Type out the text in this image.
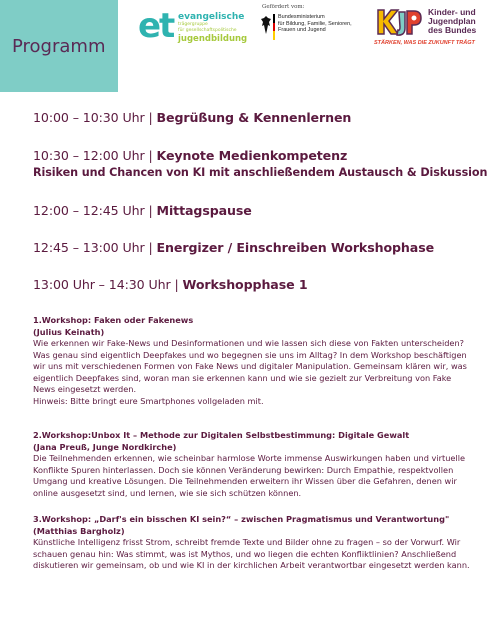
Programm
et evangelische
trägergruppe
für gesellschaftspolitische
jugendbildung
Gefördert vom:
Bundesministerium
für Bildung, Familie, Senioren,
Frauen und Jugend
Kinder- und
Jugendplan
des Bundes
STÄRKEN, WAS DIE ZUKUNFT TRÄGT
10:00 – 10:30 Uhr | Begrüßung & Kennenlernen
10:30 – 12:00 Uhr | Keynote Medienkompetenz
Risiken und Chancen von KI mit anschließendem Austausch & Diskussion
12:00 – 12:45 Uhr | Mittagspause
12:45 – 13:00 Uhr | Energizer / Einschreiben Workshophase
13:00 Uhr – 14:30 Uhr | Workshopphase 1
1.Workshop: Faken oder Fakenews
(Julius Keinath)

Wie erkennen wir Fake-News und Desinformationen und wie lassen sich diese von Fakten unterscheiden? Was genau sind eigentlich Deepfakes und wo begegnen sie uns im Alltag? In dem Workshop beschäftigen wir uns mit verschiedenen Formen von Fake News und digitaler Manipulation. Gemeinsam klären wir, was eigentlich Deepfakes sind, woran man sie erkennen kann und wie sie gezielt zur Verbreitung von Fake News eingesetzt werden.

Hinweis: Bitte bringt eure Smartphones vollgeladen mit.

2.Workshop:Unbox It – Methode zur Digitalen Selbstbestimmung: Digitale Gewalt
(Jana Preuß, Junge Nordkirche)

Die Teilnehmenden erkennen, wie scheinbar harmlose Worte immense Auswirkungen haben und virtuelle Konflikte Spuren hinterlassen. Doch sie können Veränderung bewirken: Durch Empathie, respektvollen Umgang und kreative Lösungen. Die Teilnehmenden erweitern ihr Wissen über die Gefahren, denen wir online ausgesetzt sind, und lernen, wie sie sich schützen können.

3.Workshop: „Darf's ein bisschen KI sein?“ – zwischen Pragmatismus und Verantwortung"
(Matthias Bargholz)

Künstliche Intelligenz frisst Strom, schreibt fremde Texte und Bilder ohne zu fragen – so der Vorwurf. Wir schauen genau hin: Was stimmt, was ist Mythos, und wo liegen die echten Konfliktlinien? Anschließend diskutieren wir gemeinsam, ob und wie KI in der kirchlichen Arbeit verantwortbar eingesetzt werden kann.
